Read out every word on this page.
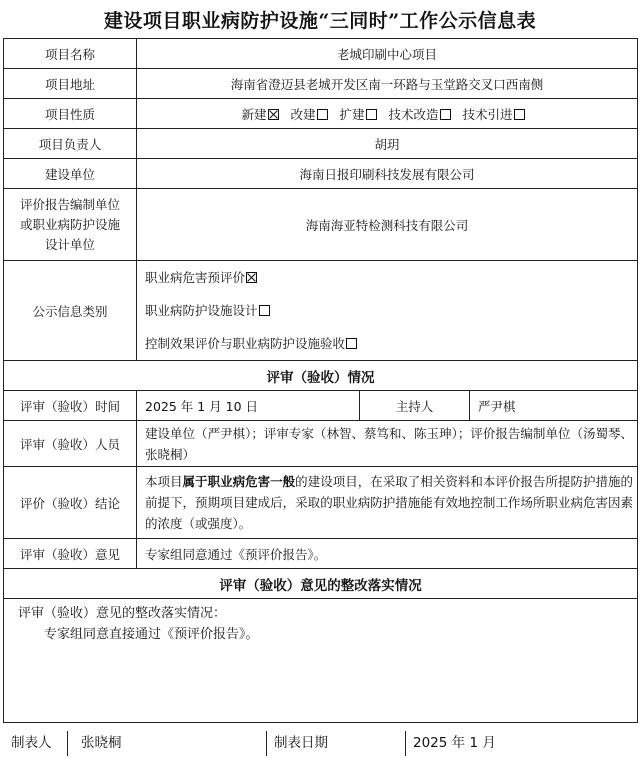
建设项目职业病防护设施“三同时”工作公示信息表
项目名称	老城印刷中心项目		
项目地址	海南省澄迈县老城开发区南一环路与玉堂路交叉口西南侧		
项目性质	新建 改建 扩建 技术改造 技术引进		
项目负责人	胡玥		
建设单位	海南日报印刷科技发展有限公司		

评价报告编制单位
或职业病防护设施
设计单位	海南海亚特检测科技有限公司		
公示信息类别	职业病危害预评价
职业病防护设施设计
控制效果评价与职业病防护设施验收		

评审（验收）情况			
评审（验收）时间	2025 年 1 月 10 日	主持人	严尹棋
评审（验收）人员	建设单位（严尹棋）；评审专家（林智、蔡笃和、陈玉珅）；评价报告编制单位（汤蜀琴、张晓桐）		
评价（验收）结论	本项目属于职业病危害一般的建设项目，在采取了相关资料和本评价报告所提防护措施的前提下，预期项目建成后，采取的职业病防护措施能有效地控制工作场所职业病危害因素的浓度（或强度）。		
评审（验收）意见	专家组同意通过《预评价报告》。		
评审（验收）意见的整改落实情况			

评审（验收）意见的整改落实情况：
专家组同意直接通过《预评价报告》。			
制表人 张晓桐	制表日期	2025 年 1 月
